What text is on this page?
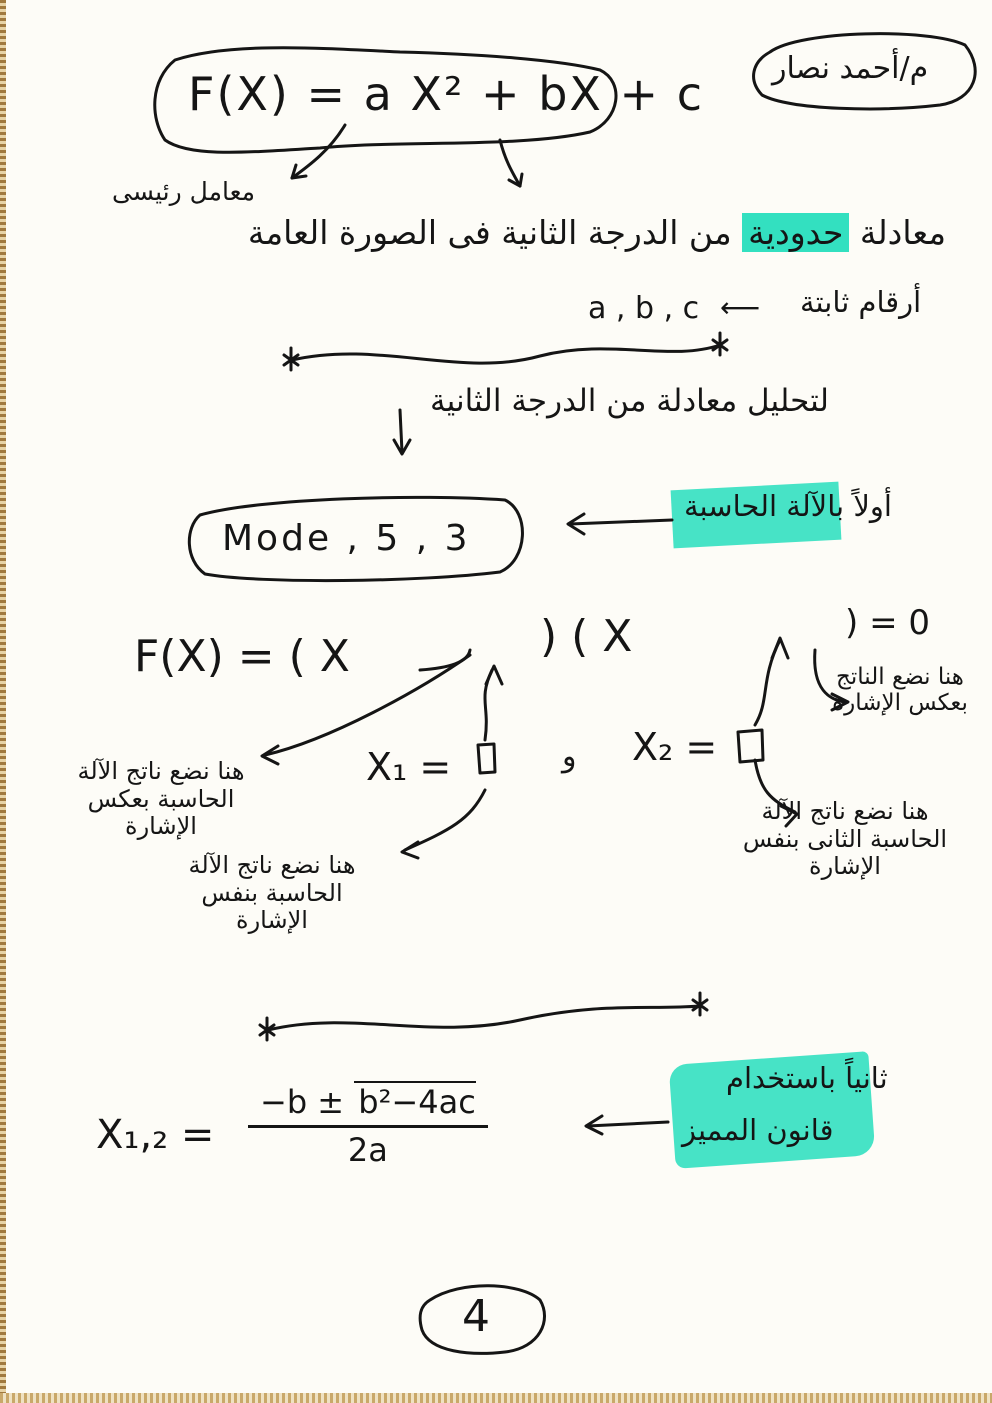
م/أحمد نصار
F(X) = a X² + bX + c
معامل رئيسى
معادلة حدودية من الدرجة الثانية فى الصورة العامة
أرقام ثابتة
a , b , c ⟵
لتحليل معادلة من الدرجة الثانية
أولاً بالآلة الحاسبة
Mode , 5 , 3
F(X) = ( X	) ( X	) = 0
X₁ =	و X₂ =
هنا نضع ناتج الآلة الحاسبة بعكس الإشارة
هنا نضع ناتج الآلة الحاسبة بنفس الإشارة
هنا نضع الناتج بعكس الإشارة
هنا نضع ناتج الآلة الحاسبة الثانى بنفس الإشارة
ثانياً باستخدام
قانون المميز
$X_1,_2 = \frac{\text{−b ± b²−4ac}}{2a}$
4
